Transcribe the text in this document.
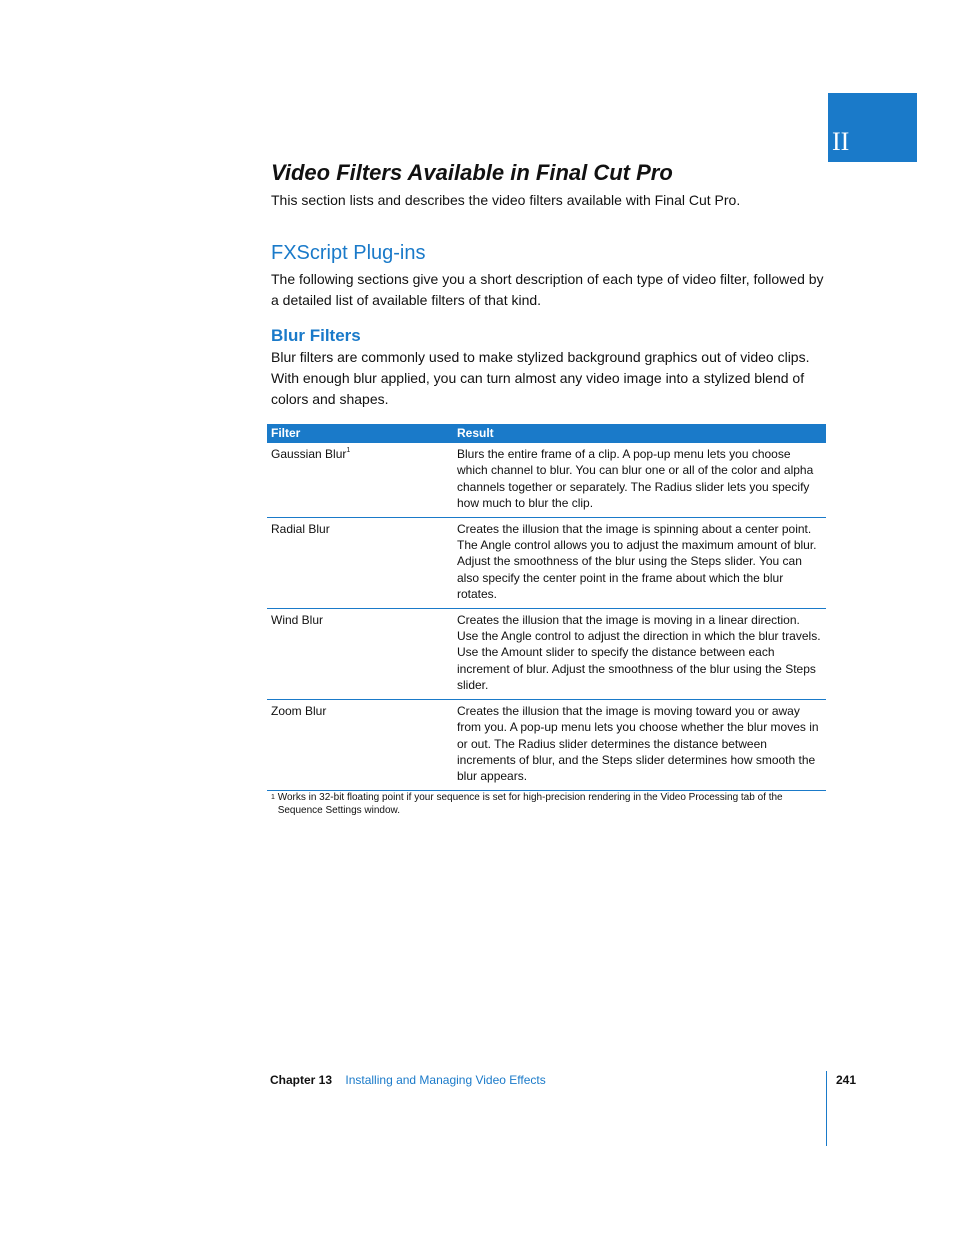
II
Video Filters Available in Final Cut Pro

This section lists and describes the video filters available with Final Cut Pro.

FXScript Plug-ins

The following sections give you a short description of each type of video filter, followed by a detailed list of available filters of that kind.

Blur Filters

Blur filters are commonly used to make stylized background graphics out of video clips. With enough blur applied, you can turn almost any video image into a stylized blend of colors and shapes.

Filter	Result
Gaussian Blur$^1$	Blurs the entire frame of a clip. A pop-up menu lets you choose which channel to blur. You can blur one or all of the color and alpha channels together or separately. The Radius slider lets you specify how much to blur the clip.
Radial Blur	Creates the illusion that the image is spinning about a center point. The Angle control allows you to adjust the maximum amount of blur. Adjust the smoothness of the blur using the Steps slider. You can also specify the center point in the frame about which the blur rotates.
Wind Blur	Creates the illusion that the image is moving in a linear direction. Use the Angle control to adjust the direction in which the blur travels. Use the Amount slider to specify the distance between each increment of blur. Adjust the smoothness of the blur using the Steps slider.
Zoom Blur	Creates the illusion that the image is moving toward you or away from you. A pop-up menu lets you choose whether the blur moves in or out. The Radius slider determines the distance between increments of blur, and the Steps slider determines how smooth the blur appears.

$^1$ Works in 32-bit floating point if your sequence is set for high-precision rendering in the Video Processing tab of the Sequence Settings window.

Chapter 13 Installing and Managing Video Effects	241
